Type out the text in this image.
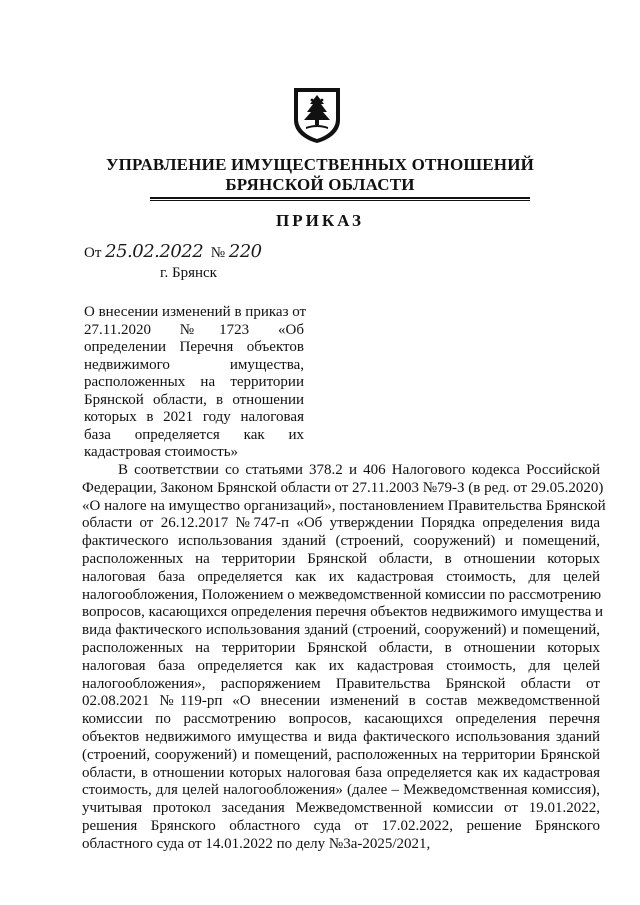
УПРАВЛЕНИЕ ИМУЩЕСТВЕННЫХ ОТНОШЕНИЙ
БРЯНСКОЙ ОБЛАСТИ
ПРИКАЗ
От 25.02.2022 № 220
г. Брянск
О внесении изменений в приказ от
27.11.2020 №1723 «Об
определении Перечня объектов
недвижимого имущества,
расположенных на территории
Брянской области, в отношении
которых в 2021 году налоговая
база определяется как их
кадастровая стоимость»
В соответствии со статьями 378.2 и 406 Налогового кодекса Российской
Федерации, Законом Брянской области от 27.11.2003 №79-З (в ред. от 29.05.2020)
«О налоге на имущество организаций», постановлением Правительства Брянской
области от 26.12.2017 №747-п «Об утверждении Порядка определения вида
фактического использования зданий (строений, сооружений) и помещений,
расположенных на территории Брянской области, в отношении которых
налоговая база определяется как их кадастровая стоимость, для целей
налогообложения, Положением о межведомственной комиссии по рассмотрению
вопросов, касающихся определения перечня объектов недвижимого имущества и
вида фактического использования зданий (строений, сооружений) и помещений,
расположенных на территории Брянской области, в отношении которых
налоговая база определяется как их кадастровая стоимость, для целей
налогообложения», распоряжением Правительства Брянской области от
02.08.2021 №119-рп «О внесении изменений в состав межведомственной
комиссии по рассмотрению вопросов, касающихся определения перечня
объектов недвижимого имущества и вида фактического использования зданий
(строений, сооружений) и помещений, расположенных на территории Брянской
области, в отношении которых налоговая база определяется как их кадастровая
стоимость, для целей налогообложения» (далее – Межведомственная комиссия),
учитывая протокол заседания Межведомственной комиссии от 19.01.2022,
решения Брянского областного суда от 17.02.2022, решение Брянского
областного суда от 14.01.2022 по делу №3а-2025/2021,
